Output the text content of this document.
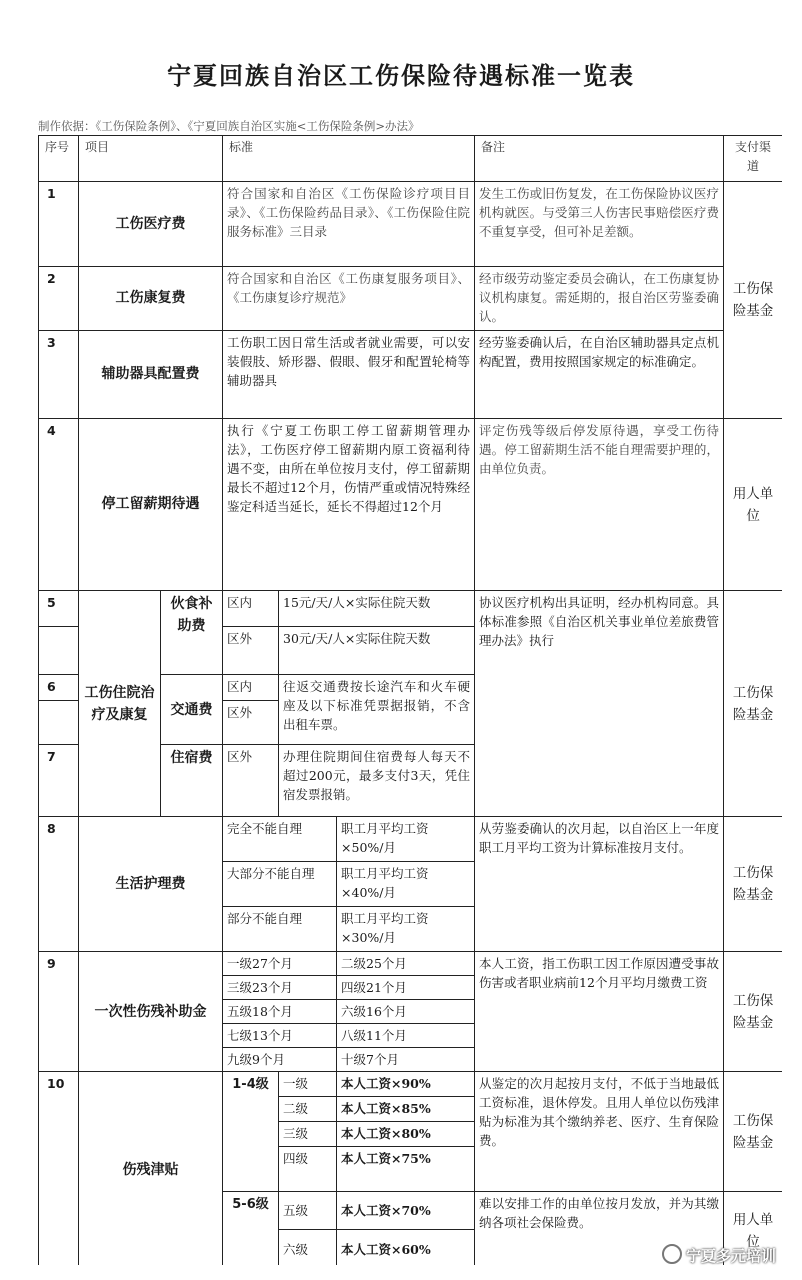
宁夏回族自治区工伤保险待遇标准一览表
制作依据：《工伤保险条例》、《宁夏回族自治区实施<工伤保险条例>办法》
序号	项目		标准			备注	支付渠道
1	工伤医疗费		符合国家和自治区《工伤保险诊疗项目目录》、《工伤保险药品目录》、《工伤保险住院服务标准》三目录			发生工伤或旧伤复发，在工伤保险协议医疗机构就医。与受第三人伤害民事赔偿医疗费不重复享受，但可补足差额。	工伤保险基金
2	工伤康复费		符合国家和自治区《工伤康复服务项目》、《工伤康复诊疗规范》			经市级劳动鉴定委员会确认，在工伤康复协议机构康复。需延期的，报自治区劳鉴委确认。	
3	辅助器具配置费		工伤职工因日常生活或者就业需要，可以安装假肢、矫形器、假眼、假牙和配置轮椅等辅助器具			经劳鉴委确认后，在自治区辅助器具定点机构配置，费用按照国家规定的标准确定。	
4	停工留薪期待遇		执行《宁夏工伤职工停工留薪期管理办法》，工伤医疗停工留薪期内原工资福利待遇不变，由所在单位按月支付，停工留薪期最长不超过12个月，伤情严重或情况特殊经鉴定科适当延长，延长不得超过12个月			评定伤残等级后停发原待遇，享受工伤待遇。停工留薪期生活不能自理需要护理的，由单位负责。	用人单位
5	工伤住院治疗及康复	伙食补助费	区内	15元/天/人×实际住院天数		协议医疗机构出具证明，经办机构同意。具体标准参照《自治区机关事业单位差旅费管理办法》执行	工伤保险基金
			区外	30元/天/人×实际住院天数			
6		交通费	区内	往返交通费按长途汽车和火车硬座及以下标准凭票据报销，不含出租车票。			
			区外				
7		住宿费	区外	办理住院期间住宿费每人每天不超过200元，最多支付3天，凭住宿发票报销。			
8	生活护理费		完全不能自理		职工月平均工资×50%/月	从劳鉴委确认的次月起，以自治区上一年度职工月平均工资为计算标准按月支付。	工伤保险基金
			大部分不能自理		职工月平均工资×40%/月		
			部分不能自理		职工月平均工资×30%/月		
9	一次性伤残补助金		一级27个月		二级25个月	本人工资，指工伤职工因工作原因遭受事故伤害或者职业病前12个月平均月缴费工资	工伤保险基金
			三级23个月		四级21个月		
			五级18个月		六级16个月		
			七级13个月		八级11个月		
			九级9个月		十级7个月		
10	伤残津贴		1-4级	一级	本人工资×90%	从鉴定的次月起按月支付，不低于当地最低工资标准，退休停发。且用人单位以伤残津贴为标准为其个缴纳养老、医疗、生育保险费。	工伤保险基金
				二级	本人工资×85%		
				三级	本人工资×80%		
				四级	本人工资×75%		
			5-6级	五级	本人工资×70%	难以安排工作的由单位按月发放，并为其缴纳各项社会保险费。	用人单位
				六级	本人工资×60%			宁夏多元培训
